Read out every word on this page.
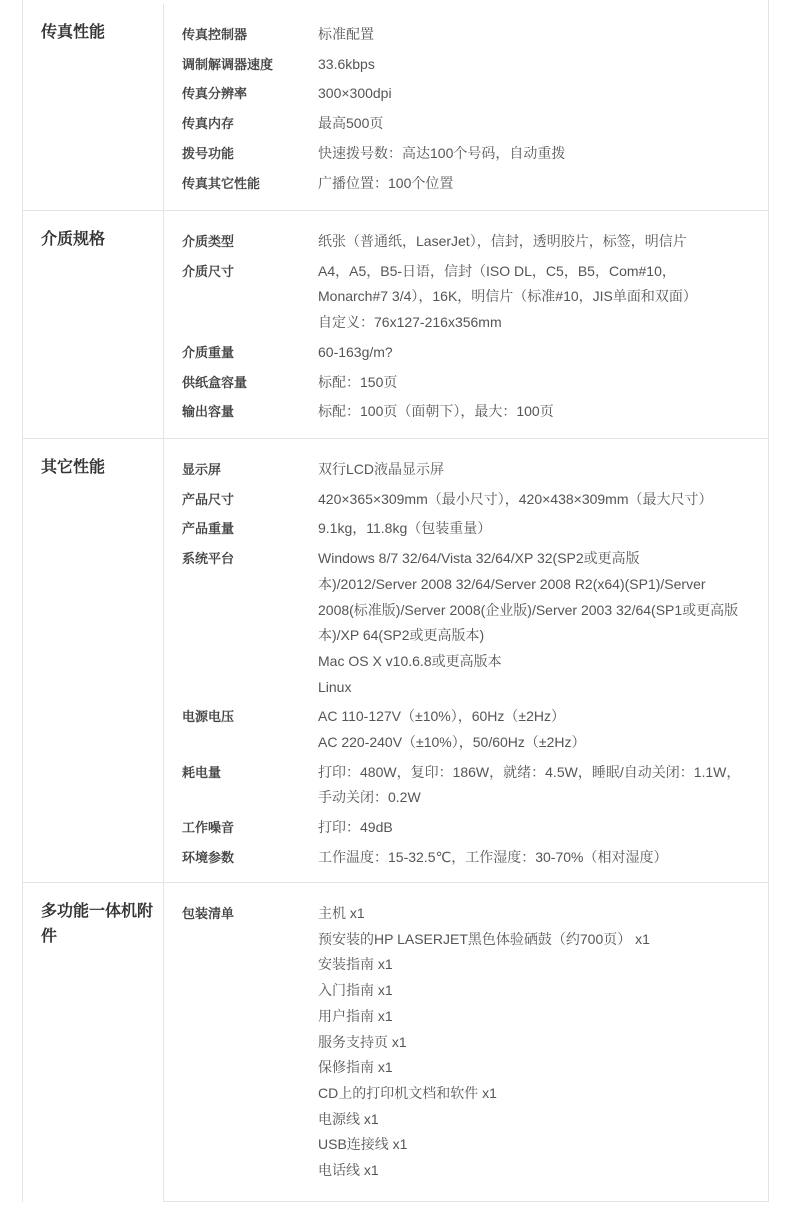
传真性能	传真控制器	标准配置
调制解调器速度	33.6kbps
传真分辨率	300×300dpi
传真内存	最高500页
拨号功能	快速拨号数：高达100个号码，自动重拨
传真其它性能	广播位置：100个位置
介质规格	介质类型	纸张（普通纸，LaserJet），信封，透明胶片，标签，明信片
介质尺寸	A4，A5，B5-日语，信封（ISO DL，C5，B5，Com#10，
Monarch#7 3/4），16K，明信片（标准#10，JIS单面和双面）
自定义：76x127-216x356mm
介质重量	60-163g/m?
供纸盒容量	标配：150页
输出容量	标配：100页（面朝下），最大：100页
其它性能	显示屏	双行LCD液晶显示屏
产品尺寸	420×365×309mm（最小尺寸），420×438×309mm（最大尺寸）
产品重量	9.1kg，11.8kg（包装重量）
系统平台	Windows 8/7 32/64/Vista 32/64/XP 32(SP2或更高版
本)/2012/Server 2008 32/64/Server 2008 R2(x64)(SP1)/Server
2008(标准版)/Server 2008(企业版)/Server 2003 32/64(SP1或更高版
本)/XP 64(SP2或更高版本)
Mac OS X v10.6.8或更高版本
Linux
电源电压	AC 110-127V（±10%），60Hz（±2Hz）
AC 220-240V（±10%），50/60Hz（±2Hz）
耗电量	打印：480W，复印：186W，就绪：4.5W，睡眠/自动关闭：1.1W，
手动关闭：0.2W
工作噪音	打印：49dB
环境参数	工作温度：15-32.5℃，工作湿度：30-70%（相对湿度）
多功能一体机附件
包装清单	主机 x1
预安装的HP LASERJET黑色体验硒鼓（约700页） x1
安装指南 x1
入门指南 x1
用户指南 x1
服务支持页 x1
保修指南 x1
CD上的打印机文档和软件 x1
电源线 x1
USB连接线 x1
电话线 x1
